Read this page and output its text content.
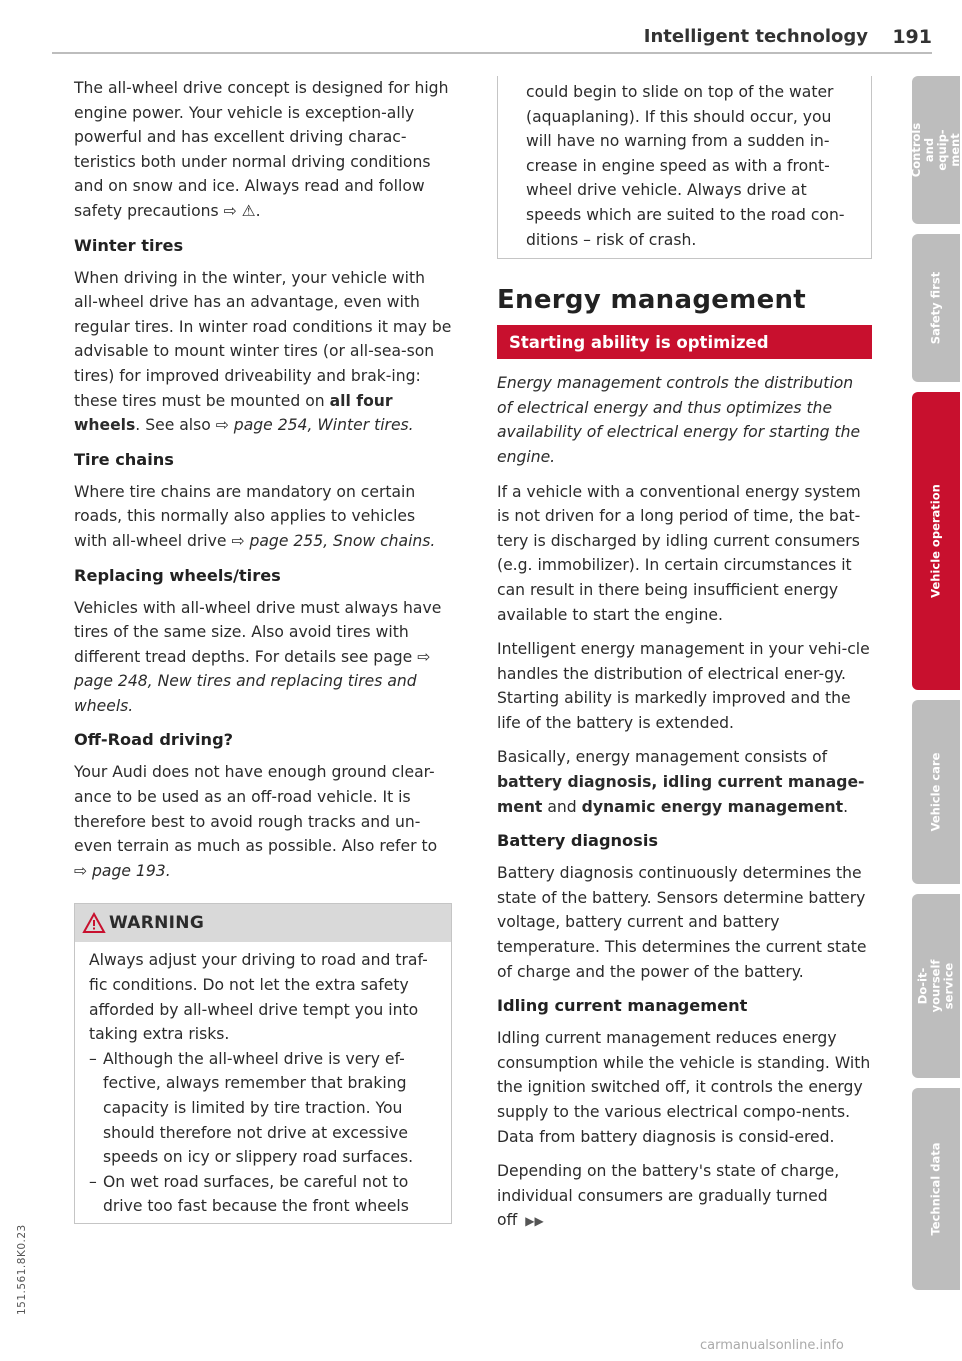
Intelligent technology 191

The all-wheel drive concept is designed for high engine power. Your vehicle is exception-ally powerful and has excellent driving charac-teristics both under normal driving conditions and on snow and ice. Always read and follow safety precautions ⇨ ⚠.

Winter tires

When driving in the winter, your vehicle with all-wheel drive has an advantage, even with regular tires. In winter road conditions it may be advisable to mount winter tires (or all-sea-son tires) for improved driveability and brak-ing: these tires must be mounted on all four wheels. See also ⇨ page 254, Winter tires.

Tire chains

Where tire chains are mandatory on certain roads, this normally also applies to vehicles with all-wheel drive ⇨ page 255, Snow chains.

Replacing wheels/tires

Vehicles with all-wheel drive must always have tires of the same size. Also avoid tires with different tread depths. For details see page ⇨ page 248, New tires and replacing tires and wheels.

Off-Road driving?

Your Audi does not have enough ground clear-ance to be used as an off-road vehicle. It is therefore best to avoid rough tracks and un-even terrain as much as possible. Also refer to ⇨ page 193.

WARNING

Always adjust your driving to road and traf-fic conditions. Do not let the extra safety afforded by all-wheel drive tempt you into taking extra risks.

– Although the all-wheel drive is very ef-fective, always remember that braking capacity is limited by tire traction. You should therefore not drive at excessive speeds on icy or slippery road surfaces.
– On wet road surfaces, be careful not to drive too fast because the front wheels

could begin to slide on top of the water (aquaplaning). If this should occur, you will have no warning from a sudden in-crease in engine speed as with a front-wheel drive vehicle. Always drive at speeds which are suited to the road con-ditions – risk of crash.

Energy management
Starting ability is optimized

Energy management controls the distribution of electrical energy and thus optimizes the availability of electrical energy for starting the engine.

If a vehicle with a conventional energy system is not driven for a long period of time, the bat-tery is discharged by idling current consumers (e.g. immobilizer). In certain circumstances it can result in there being insufficient energy available to start the engine.

Intelligent energy management in your vehi-cle handles the distribution of electrical ener-gy. Starting ability is markedly improved and the life of the battery is extended.

Basically, energy management consists of battery diagnosis, idling current manage-ment and dynamic energy management.

Battery diagnosis

Battery diagnosis continuously determines the state of the battery. Sensors determine battery voltage, battery current and battery temperature. This determines the current state of charge and the power of the battery.

Idling current management

Idling current management reduces energy consumption while the vehicle is standing. With the ignition switched off, it controls the energy supply to the various electrical compo-nents. Data from battery diagnosis is consid-ered.

Depending on the battery's state of charge, individual consumers are gradually turned off ▶▶

Controls and equip-
ment
Safety first
Vehicle operation
Vehicle care
Do-it-yourself
service
Technical data
151.561.8K0.23
carmanualsonline.info
